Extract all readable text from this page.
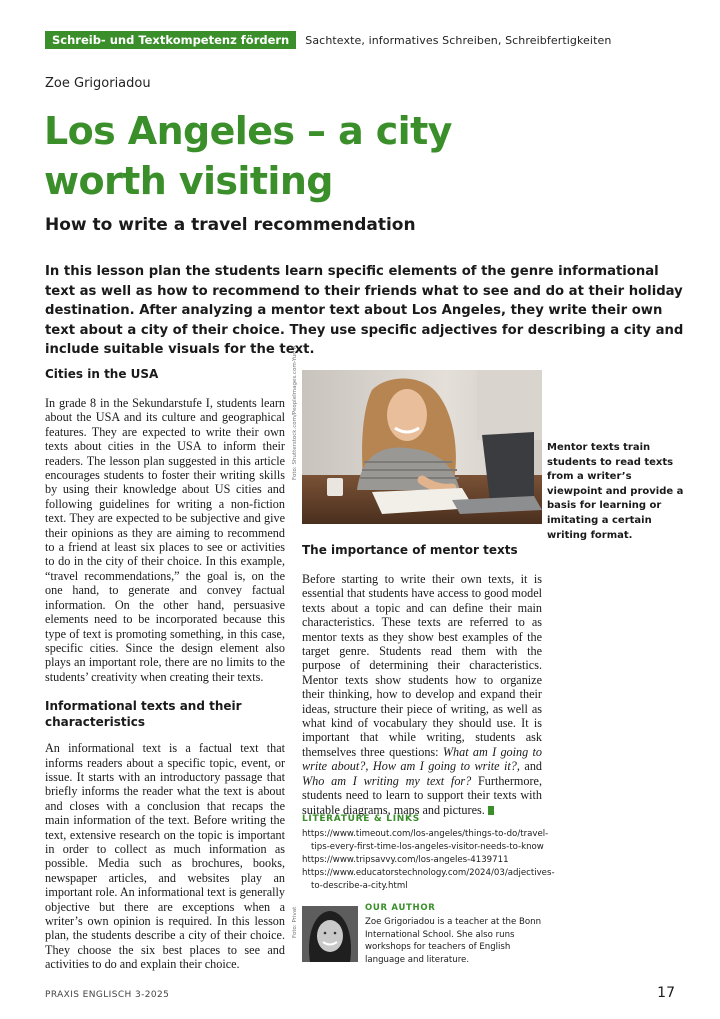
Schreib- und Textkompetenz fördern	Sachtexte, informatives Schreiben, Schreibfertigkeiten
Zoe Grigoriadou
Los Angeles – a city
worth visiting
How to write a travel recommendation

In this lesson plan the students learn specific elements of the genre informational text as well as how to recommend to their friends what to see and do at their holiday destination. After analyzing a mentor text about Los Angeles, they write their own text about a city of their choice. They use specific adjectives for describing a city and include suitable visuals for the text.

Cities in the USA

In grade 8 in the Sekundarstufe I, students learn about the USA and its culture and geographical features. They are expected to write their own texts about cities in the USA to inform their readers. The lesson plan suggested in this article encourages students to foster their writing skills by using their knowledge about US cities and following guidelines for writing a non-fiction text. They are expected to be subjective and give their opinions as they are aiming to recommend to a friend at least six places to see or activities to do in the city of their choice. In this example, “travel recommendations,” the goal is, on the one hand, to generate and convey factual information. On the other hand, persuasive elements need to be incorporated because this type of text is promoting something, in this case, specific cities. Since the design element also plays an important role, there are no limits to the students’ creativity when creating their texts.

Informational texts and their characteristics

An informational text is a factual text that informs readers about a specific topic, event, or issue. It starts with an introductory passage that briefly informs the reader what the text is about and closes with a conclusion that recaps the main information of the text. Before writing the text, extensive research on the topic is important in order to collect as much information as possible. Media such as brochures, books, newspaper articles, and websites play an important role. An informational text is generally objective but there are exceptions when a writer’s own opinion is required. In this lesson plan, the students describe a city of their choice. They choose the six best places to see and activities to do and explain their choice.

Foto: Shutterstock.com/PeopleImages.com-Yuri A	Mentor texts train students to read texts from a writer’s viewpoint and provide a basis for learning or imitating a certain writing format.
The importance of mentor texts

Before starting to write their own texts, it is essential that students have access to good model texts about a topic and can define their main characteristics. These texts are referred to as mentor texts as they show best examples of the target genre. Students read them with the purpose of determining their characteristics. Mentor texts show students how to organize their thinking, how to develop and expand their ideas, structure their piece of writing, as well as what kind of vocabulary they should use. It is important that while writing, students ask themselves three questions: What am I going to write about?, How am I going to write it?, and Who am I writing my text for? Furthermore, students need to learn to support their texts with suitable diagrams, maps and pictures.

LITERATURE & LINKS
https://www.timeout.com/los-angeles/things-to-do/travel-tips-every-first-time-los-angeles-visitor-needs-to-know
https://www.tripsavvy.com/los-angeles-4139711
https://www.educatorstechnology.com/2024/03/adjectives-to-describe-a-city.html
Foto: Privat	OUR AUTHOR
Zoe Grigoriadou is a teacher at the Bonn International School. She also runs workshops for teachers of English language and literature.
PRAXIS ENGLISCH 3-2025	17
